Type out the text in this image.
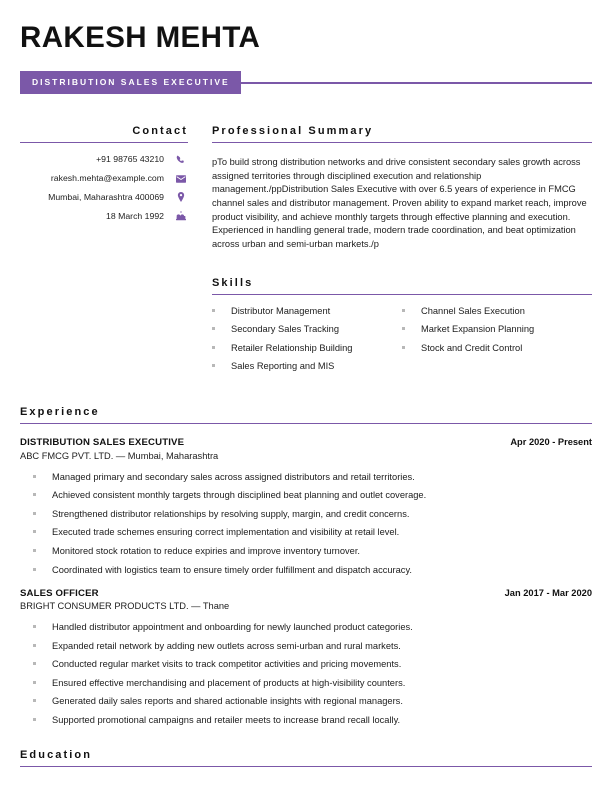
RAKESH MEHTA
DISTRIBUTION SALES EXECUTIVE
Contact
+91 98765 43210
rakesh.mehta@example.com
Mumbai, Maharashtra 400069
18 March 1992
Professional Summary
pTo build strong distribution networks and drive consistent secondary sales growth across assigned territories through disciplined execution and relationship management./ppDistribution Sales Executive with over 6.5 years of experience in FMCG channel sales and distributor management. Proven ability to expand market reach, improve product visibility, and achieve monthly targets through effective planning and execution. Experienced in handling general trade, modern trade coordination, and beat optimization across urban and semi-urban markets./p
Skills
Distributor Management
Secondary Sales Tracking
Retailer Relationship Building
Sales Reporting and MIS
Channel Sales Execution
Market Expansion Planning
Stock and Credit Control
Experience
DISTRIBUTION SALES EXECUTIVE	Apr 2020 - Present
ABC FMCG PVT. LTD. — Mumbai, Maharashtra
Managed primary and secondary sales across assigned distributors and retail territories.
Achieved consistent monthly targets through disciplined beat planning and outlet coverage.
Strengthened distributor relationships by resolving supply, margin, and credit concerns.
Executed trade schemes ensuring correct implementation and visibility at retail level.
Monitored stock rotation to reduce expiries and improve inventory turnover.
Coordinated with logistics team to ensure timely order fulfillment and dispatch accuracy.
SALES OFFICER	Jan 2017 - Mar 2020
BRIGHT CONSUMER PRODUCTS LTD. — Thane
Handled distributor appointment and onboarding for newly launched product categories.
Expanded retail network by adding new outlets across semi-urban and rural markets.
Conducted regular market visits to track competitor activities and pricing movements.
Ensured effective merchandising and placement of products at high-visibility counters.
Generated daily sales reports and shared actionable insights with regional managers.
Supported promotional campaigns and retailer meets to increase brand recall locally.
Education
